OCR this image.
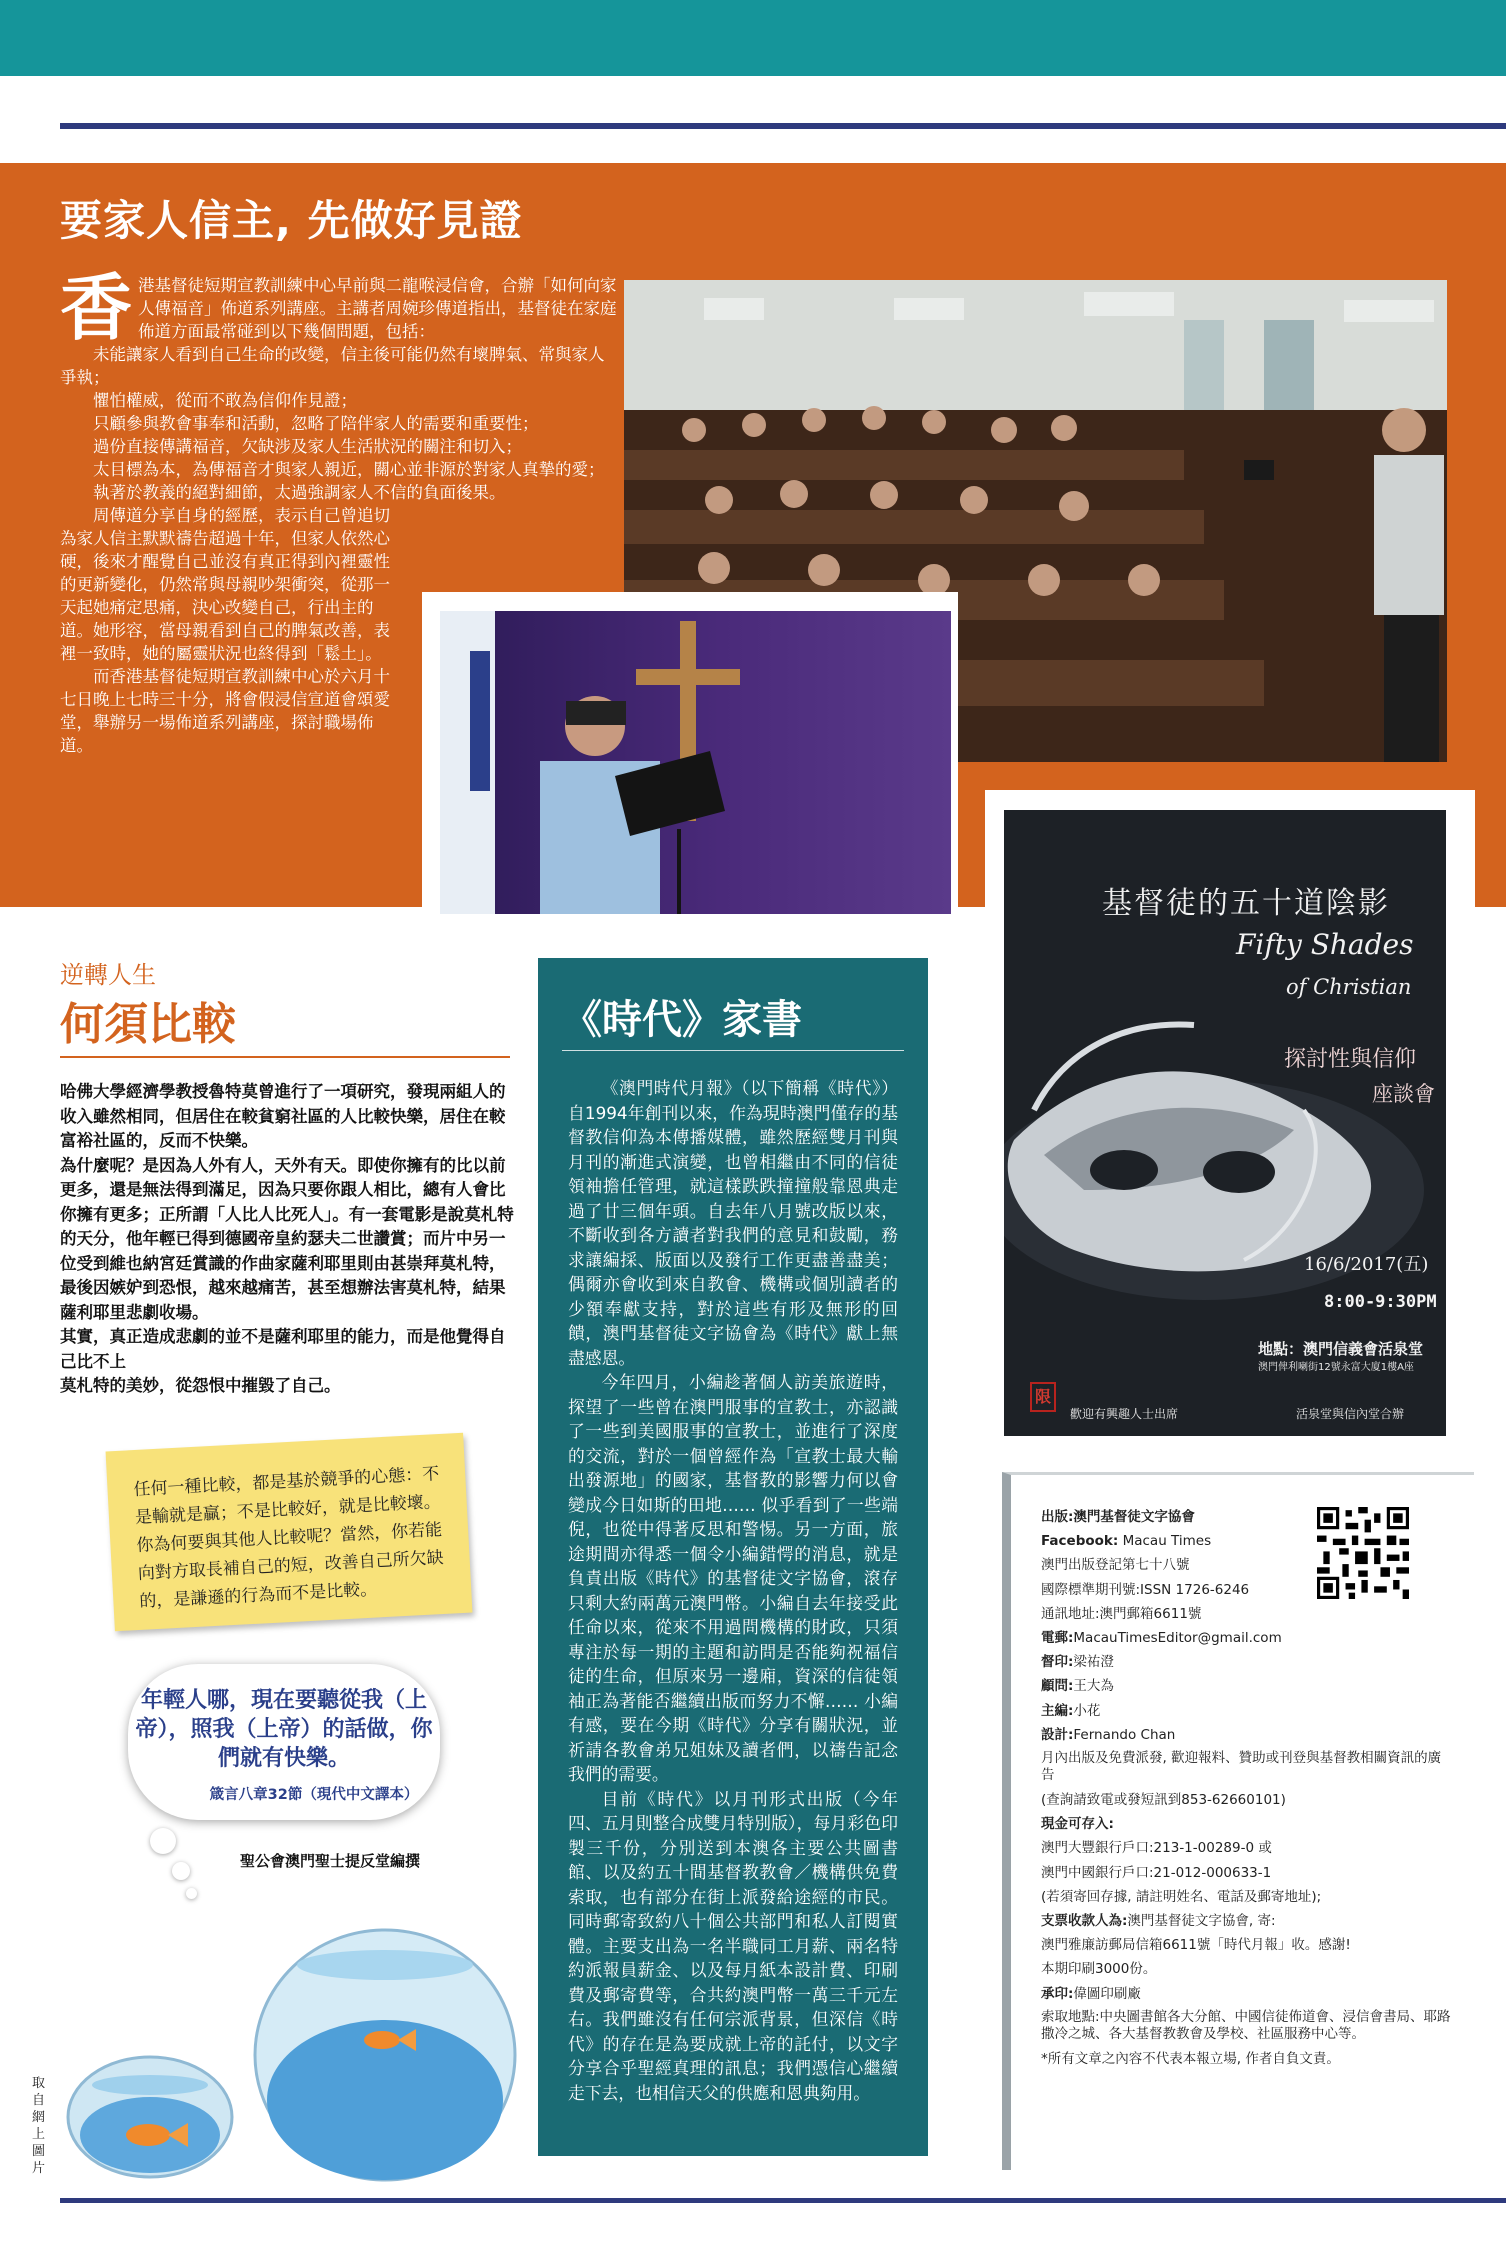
要家人信主, 先做好見證

香港基督徒短期宣教訓練中心早前與二龍喉浸信會，合辦「如何向家人傳福音」佈道系列講座。主講者周婉珍傳道指出，基督徒在家庭佈道方面最常碰到以下幾個問題，包括：

未能讓家人看到自己生命的改變，信主後可能仍然有壞脾氣、常與家人爭執；

懼怕權威，從而不敢為信仰作見證；

只顧參與教會事奉和活動，忽略了陪伴家人的需要和重要性；

過份直接傳講福音，欠缺涉及家人生活狀況的關注和切入；

太目標為本，為傳福音才與家人親近，關心並非源於對家人真摯的愛；

執著於教義的絕對細節，太過強調家人不信的負面後果。

周傳道分享自身的經歷，表示自己曾追切為家人信主默默禱告超過十年，但家人依然心硬，後來才醒覺自己並沒有真正得到內裡靈性的更新變化，仍然常與母親吵架衝突，從那一天起她痛定思痛，決心改變自己，行出主的道。她形容，當母親看到自己的脾氣改善，表裡一致時，她的屬靈狀況也終得到「鬆土」。

而香港基督徒短期宣教訓練中心於六月十七日晚上七時三十分，將會假浸信宣道會頌愛堂，舉辦另一場佈道系列講座，探討職場佈道。

逆轉人生
何須比較

哈佛大學經濟學教授魯特莫曾進行了一項研究，發現兩組人的收入雖然相同，但居住在較貧窮社區的人比較快樂，居住在較富裕社區的，反而不快樂。

為什麼呢？是因為人外有人，天外有天。即使你擁有的比以前更多，還是無法得到滿足，因為只要你跟人相比，總有人會比你擁有更多；正所謂「人比人比死人」。有一套電影是說莫札特的天分，他年輕已得到德國帝皇約瑟夫二世讚賞；而片中另一位受到維也納宮廷賞識的作曲家薩利耶里則由甚崇拜莫札特，最後因嫉妒到恐恨，越來越痛苦，甚至想辦法害莫札特，結果薩利耶里悲劇收場。

其實，真正造成悲劇的並不是薩利耶里的能力，而是他覺得自己比不上

莫札特的美妙，從怨恨中摧毀了自己。

任何一種比較，都是基於競爭的心態：不是輸就是贏；不是比較好，就是比較壞。你為何要與其他人比較呢？當然，你若能向對方取長補自己的短，改善自己所欠缺的，是謙遜的行為而不是比較。
年輕人哪，現在要聽從我（上帝），照我（上帝）的話做，你們就有快樂。
箴言八章32節（現代中文譯本）
聖公會澳門聖士提反堂編撰
取自網上圖片
《時代》家書

《澳門時代月報》（以下簡稱《時代》）自1994年創刊以來，作為現時澳門僅存的基督教信仰為本傳播媒體，雖然歷經雙月刊與月刊的漸進式演變，也曾相繼由不同的信徒領袖擔任管理，就這樣跌跌撞撞般靠恩典走過了廿三個年頭。自去年八月號改版以來，不斷收到各方讀者對我們的意見和鼓勵，務求讓編採、版面以及發行工作更盡善盡美；偶爾亦會收到來自教會、機構或個別讀者的少額奉獻支持，對於這些有形及無形的回饋，澳門基督徒文字協會為《時代》獻上無盡感恩。

今年四月，小編趁著個人訪美旅遊時，探望了一些曾在澳門服事的宣教士，亦認識了一些到美國服事的宣教士，並進行了深度的交流，對於一個曾經作為「宣教士最大輸出發源地」的國家，基督教的影響力何以會變成今日如斯的田地…… 似乎看到了一些端倪，也從中得著反思和警惕。另一方面，旅途期間亦得悉一個令小編錯愕的消息，就是負責出版《時代》的基督徒文字協會，滾存只剩大約兩萬元澳門幣。小編自去年接受此任命以來，從來不用過問機構的財政，只須專注於每一期的主題和訪問是否能夠祝福信徒的生命，但原來另一邊廂，資深的信徒領袖正為著能否繼續出版而努力不懈…… 小編有感，要在今期《時代》分享有關狀況，並祈請各教會弟兄姐妹及讀者們，以禱告記念我們的需要。

目前《時代》以月刊形式出版（今年四、五月則整合成雙月特別版），每月彩色印製三千份，分別送到本澳各主要公共圖書館、以及約五十間基督教教會／機構供免費索取，也有部分在街上派發給途經的市民。同時郵寄致約八十個公共部門和私人訂閱實體。主要支出為一名半職同工月薪、兩名特約派報員薪金、以及每月紙本設計費、印刷費及郵寄費等，合共約澳門幣一萬三千元左右。我們雖沒有任何宗派背景，但深信《時代》的存在是為要成就上帝的託付，以文字分享合乎聖經真理的訊息；我們憑信心繼續走下去，也相信天父的供應和恩典夠用。

基督徒的五十道陰影
Fifty Shades
of Christian
探討性與信仰
座談會
16/6/2017(五)
8:00-9:30PM
地點：澳門信義會活泉堂
澳門俾利喇街12號永富大廈1樓A座
限
歡迎有興趣人士出席	活泉堂與信內堂合辦
出版:澳門基督徒文字協會
Facebook: Macau Times
澳門出版登記第七十八號
國際標準期刊號:ISSN 1726-6246
通訊地址:澳門郵箱6611號
電郵:MacauTimesEditor@gmail.com
督印:梁祐澄
顧問:王大為
主編:小花
設計:Fernando Chan
月內出版及免費派發, 歡迎報料、贊助或刊登與基督教相關資訊的廣告
(查詢請致電或發短訊到853-62660101)
現金可存入:
澳門大豐銀行戶口:213-1-00289-0 或
澳門中國銀行戶口:21-012-000633-1
(若須寄回存據, 請註明姓名、電話及郵寄地址);
支票收款人為:澳門基督徒文字協會, 寄:
澳門雅廉訪郵局信箱6611號「時代月報」收。感謝!
本期印刷3000份。
承印:偉圖印刷廠
索取地點:中央圖書館各大分館、中國信徒佈道會、浸信會書局、耶路撒冷之城、各大基督教教會及學校、社區服務中心等。
*所有文章之內容不代表本報立場, 作者自負文責。
